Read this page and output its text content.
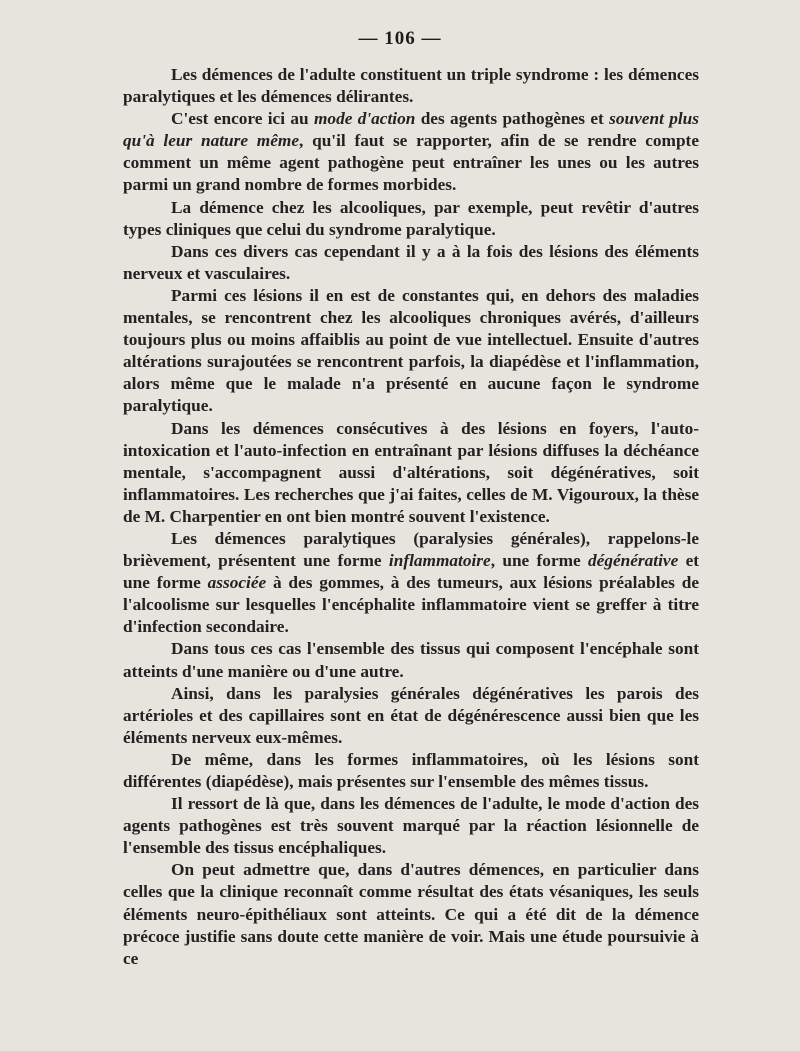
— 106 —

Les démences de l'adulte constituent un triple syndrome : les démences paralytiques et les démences délirantes.

C'est encore ici au mode d'action des agents pathogènes et souvent plus qu'à leur nature même, qu'il faut se rapporter, afin de se rendre compte comment un même agent pathogène peut entraîner les unes ou les autres parmi un grand nombre de formes morbides.

La démence chez les alcooliques, par exemple, peut revêtir d'autres types cliniques que celui du syndrome paralytique.

Dans ces divers cas cependant il y a à la fois des lésions des éléments nerveux et vasculaires.

Parmi ces lésions il en est de constantes qui, en dehors des maladies mentales, se rencontrent chez les alcooliques chroniques avérés, d'ailleurs toujours plus ou moins affaiblis au point de vue intellectuel. Ensuite d'autres altérations surajoutées se rencontrent parfois, la diapédèse et l'inflammation, alors même que le malade n'a présenté en aucune façon le syndrome paralytique.

Dans les démences consécutives à des lésions en foyers, l'auto-intoxication et l'auto-infection en entraînant par lésions diffuses la déchéance mentale, s'accompagnent aussi d'altérations, soit dégénératives, soit inflammatoires. Les recherches que j'ai faites, celles de M. Vigouroux, la thèse de M. Charpentier en ont bien montré souvent l'existence.

Les démences paralytiques (paralysies générales), rappelons-le brièvement, présentent une forme inflammatoire, une forme dégénérative et une forme associée à des gommes, à des tumeurs, aux lésions préalables de l'alcoolisme sur lesquelles l'encéphalite inflammatoire vient se greffer à titre d'infection secondaire.

Dans tous ces cas l'ensemble des tissus qui composent l'encéphale sont atteints d'une manière ou d'une autre.

Ainsi, dans les paralysies générales dégénératives les parois des artérioles et des capillaires sont en état de dégénérescence aussi bien que les éléments nerveux eux-mêmes.

De même, dans les formes inflammatoires, où les lésions sont différentes (diapédèse), mais présentes sur l'ensemble des mêmes tissus.

Il ressort de là que, dans les démences de l'adulte, le mode d'action des agents pathogènes est très souvent marqué par la réaction lésionnelle de l'ensemble des tissus encéphaliques.

On peut admettre que, dans d'autres démences, en particulier dans celles que la clinique reconnaît comme résultat des états vésaniques, les seuls éléments neuro-épithéliaux sont atteints. Ce qui a été dit de la démence précoce justifie sans doute cette manière de voir. Mais une étude poursuivie à ce
